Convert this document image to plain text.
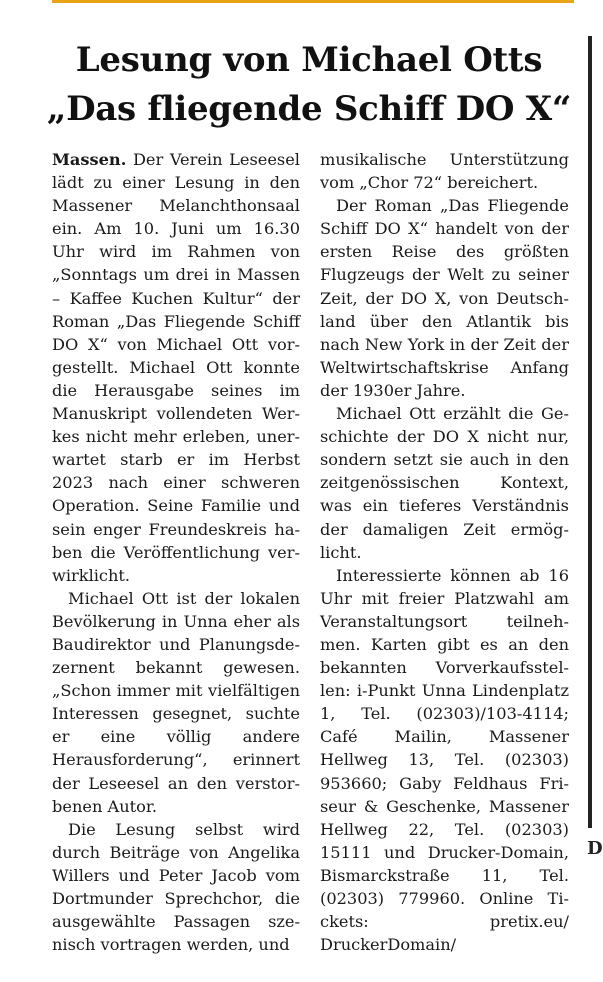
Lesung von Michael Otts
„Das fliegende Schiff DO X“

Massen. Der Verein Leseesel lädt zu einer Lesung in den Massener Melanchthonsaal ein. Am 10. Juni um 16.30 Uhr wird im Rahmen von „Sonntags um drei in Massen – Kaffee Kuchen Kultur“ der Roman „Das Fliegende Schiff DO X“ von Michael Ott vorgestellt. Michael Ott konnte die Herausgabe seines im Manuskript vollendeten Werkes nicht mehr erleben, unerwartet starb er im Herbst 2023 nach einer schweren Operation. Seine Familie und sein enger Freundeskreis haben die Veröffentlichung verwirklicht.

Michael Ott ist der lokalen Bevölkerung in Unna eher als Baudirektor und Planungsdezernent bekannt gewesen. „Schon immer mit vielfältigen Interessen gesegnet, suchte er eine völlig andere Herausforderung“, erinnert der Leseesel an den verstorbenen Autor.

Die Lesung selbst wird durch Beiträge von Angelika Willers und Peter Jacob vom Dortmunder Sprechchor, die ausgewählte Passagen szenisch vortragen werden, und

musikalische Unterstützung vom „Chor 72“ bereichert.

Der Roman „Das Fliegende Schiff DO X“ handelt von der ersten Reise des größten Flugzeugs der Welt zu seiner Zeit, der DO X, von Deutschland über den Atlantik bis nach New York in der Zeit der Weltwirtschaftskrise Anfang der 1930er Jahre.

Michael Ott erzählt die Geschichte der DO X nicht nur, sondern setzt sie auch in den zeitgenössischen Kontext, was ein tieferes Verständnis der damaligen Zeit ermöglicht.

Interessierte können ab 16 Uhr mit freier Platzwahl am Veranstaltungsort teilnehmen. Karten gibt es an den bekannten Vorverkaufsstellen: i-Punkt Unna Lindenplatz 1, Tel. (02303)/103-4114; Café Mailin, Massener Hellweg 13, Tel. (02303) 953660; Gaby Feldhaus Friseur & Geschenke, Massener Hellweg 22, Tel. (02303) 15111 und Drucker-Domain, Bismarckstraße 11, Tel. (02303) 779960. Online Tickets: pretix.eu/ DruckerDomain/

D
